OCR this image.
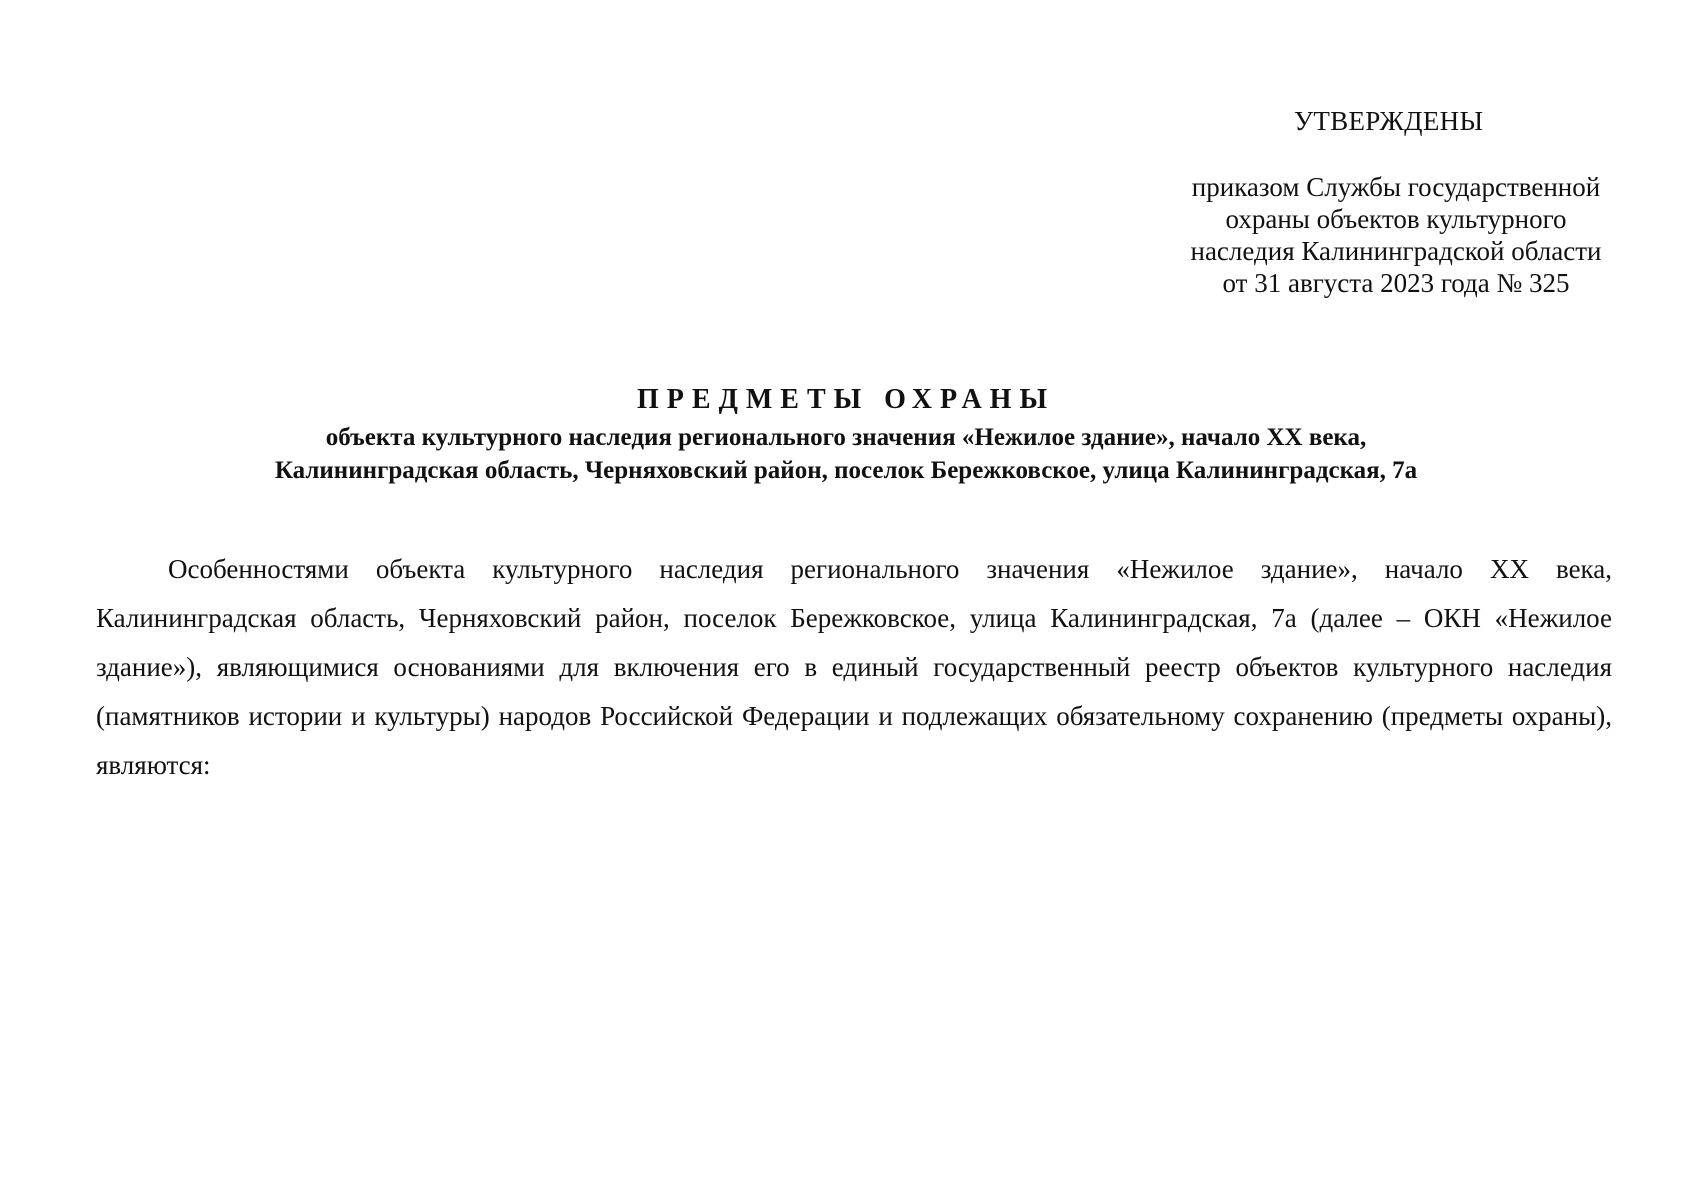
УТВЕРЖДЕНЫ
приказом Службы государственной
охраны объектов культурного
наследия Калининградской области
от 31 августа 2023 года № 325
ПРЕДМЕТЫ ОХРАНЫ
объекта культурного наследия регионального значения «Нежилое здание», начало XX века,
Калининградская область, Черняховский район, поселок Бережковское, улица Калининградская, 7а

Особенностями объекта культурного наследия регионального значения «Нежилое здание», начало XX века, Калининградская область, Черняховский район, поселок Бережковское, улица Калининградская, 7а (далее – ОКН «Нежилое здание»), являющимися основаниями для включения его в единый государственный реестр объектов культурного наследия (памятников истории и культуры) народов Российской Федерации и подлежащих обязательному сохранению (предметы охраны), являются:
